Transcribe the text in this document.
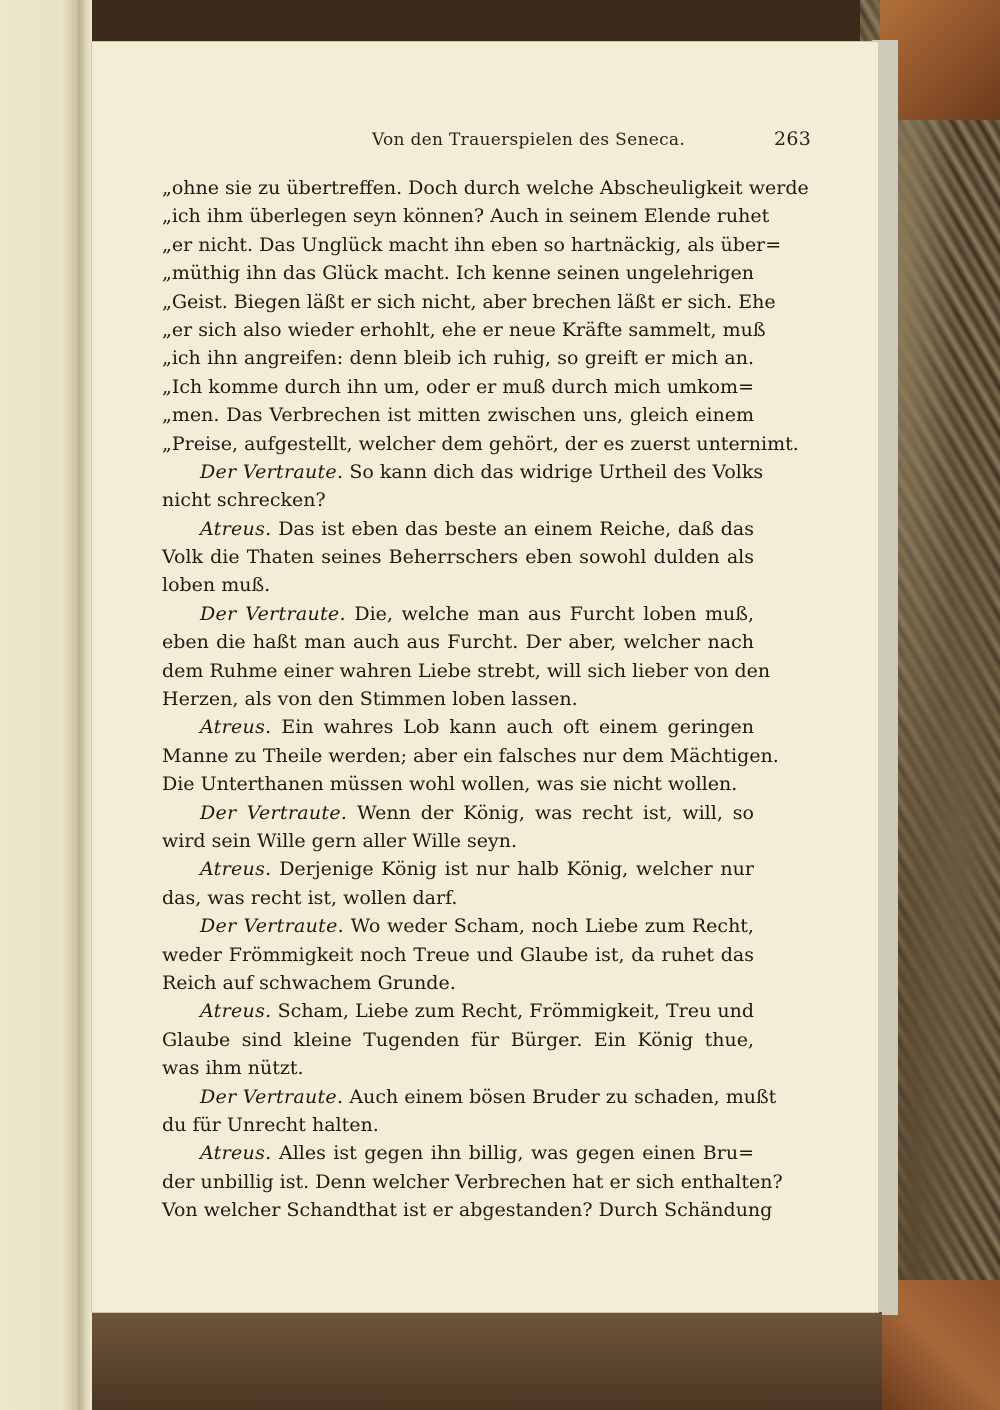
Von den Trauerspielen des Seneca.	263
„ohne sie zu übertreffen. Doch durch welche Abscheuligkeit werde
„ich ihm überlegen seyn können? Auch in seinem Elende ruhet
„er nicht. Das Unglück macht ihn eben so hartnäckig, als über=
„müthig ihn das Glück macht. Ich kenne seinen ungelehrigen
„Geist. Biegen läßt er sich nicht, aber brechen läßt er sich. Ehe
„er sich also wieder erhohlt, ehe er neue Kräfte sammelt, muß
„ich ihn angreifen: denn bleib ich ruhig, so greift er mich an.
„Ich komme durch ihn um, oder er muß durch mich umkom=
„men. Das Verbrechen ist mitten zwischen uns, gleich einem
„Preise, aufgestellt, welcher dem gehört, der es zuerst unternimt.
Der Vertraute. So kann dich das widrige Urtheil des Volks
nicht schrecken?
Atreus. Das ist eben das beste an einem Reiche, daß das
Volk die Thaten seines Beherrschers eben sowohl dulden als
loben muß.
Der Vertraute. Die, welche man aus Furcht loben muß,
eben die haßt man auch aus Furcht. Der aber, welcher nach
dem Ruhme einer wahren Liebe strebt, will sich lieber von den
Herzen, als von den Stimmen loben lassen.
Atreus. Ein wahres Lob kann auch oft einem geringen
Manne zu Theile werden; aber ein falsches nur dem Mächtigen.
Die Unterthanen müssen wohl wollen, was sie nicht wollen.
Der Vertraute. Wenn der König, was recht ist, will, so
wird sein Wille gern aller Wille seyn.
Atreus. Derjenige König ist nur halb König, welcher nur
das, was recht ist, wollen darf.
Der Vertraute. Wo weder Scham, noch Liebe zum Recht,
weder Frömmigkeit noch Treue und Glaube ist, da ruhet das
Reich auf schwachem Grunde.
Atreus. Scham, Liebe zum Recht, Frömmigkeit, Treu und
Glaube sind kleine Tugenden für Bürger. Ein König thue,
was ihm nützt.
Der Vertraute. Auch einem bösen Bruder zu schaden, mußt
du für Unrecht halten.
Atreus. Alles ist gegen ihn billig, was gegen einen Bru=
der unbillig ist. Denn welcher Verbrechen hat er sich enthalten?
Von welcher Schandthat ist er abgestanden? Durch Schändung
